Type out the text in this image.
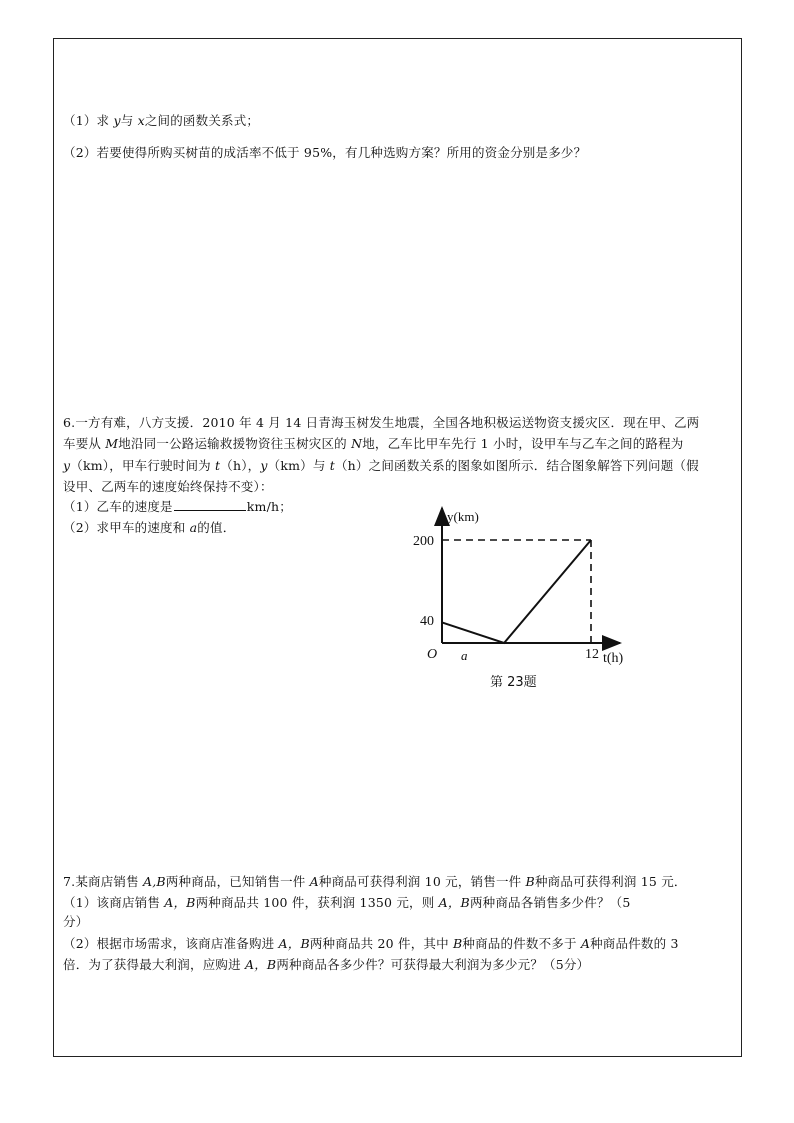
（1）求 y与 x之间的函数关系式；
（2）若要使得所购买树苗的成活率不低于 95%，有几种选购方案？所用的资金分别是多少？
6.一方有难，八方支援．2010 年 4 月 14 日青海玉树发生地震，全国各地积极运送物资支援灾区．现在甲、乙两
车要从 M地沿同一公路运输救援物资往玉树灾区的 N地，乙车比甲车先行 1 小时，设甲车与乙车之间的路程为
y（km），甲车行驶时间为 t（h），y（km）与 t（h）之间函数关系的图象如图所示．结合图象解答下列问题（假
设甲、乙两车的速度始终保持不变）：
（1）乙车的速度是	km/h；
（2）求甲车的速度和 a的值．
y(km)
t(h)
200
40
O a	12
第 23题
7.某商店销售 A,B两种商品，已知销售一件 A种商品可获得利润 10 元，销售一件 B种商品可获得利润 15 元．
（1）该商店销售 A，B两种商品共 100 件，获利润 1350 元，则 A，B两种商品各销售多少件？（5
分）
（2）根据市场需求，该商店准备购进 A，B两种商品共 20 件，其中 B种商品的件数不多于 A种商品件数的 3
倍．为了获得最大利润，应购进 A，B两种商品各多少件？可获得最大利润为多少元？（5分）
